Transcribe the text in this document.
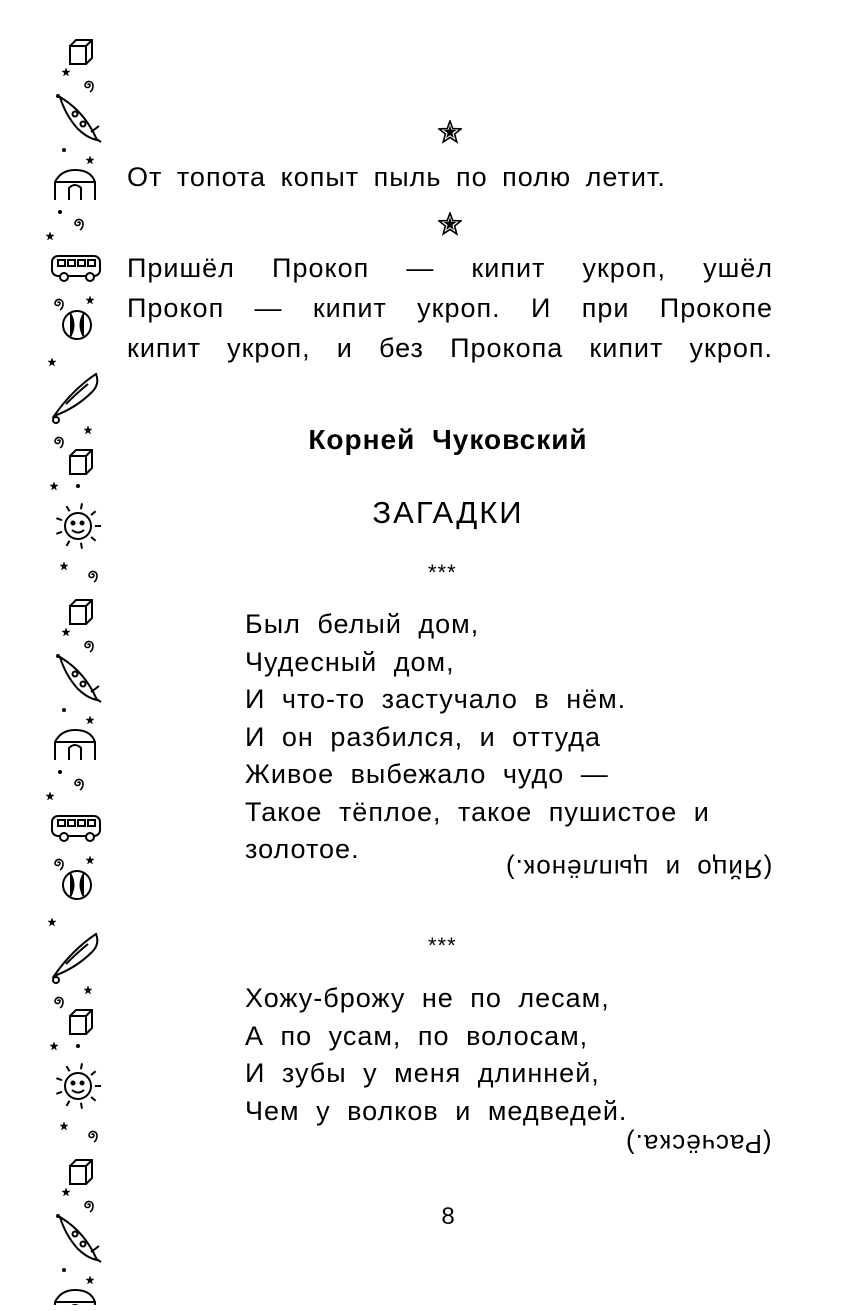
От топота копыт пыль по полю летит.

Пришёл Прокоп — кипит укроп, ушёл
Прокоп — кипит укроп. И при Прокопе
кипит укроп, и без Прокопа кипит укроп.
Корней Чуковский
ЗАГАДКИ
***
Был белый дом,
Чудесный дом,
И что-то застучало в нём.
И он разбился, и оттуда
Живое выбежало чудо —
Такое тёплое, такое пушистое и
золотое.
(Яйцо и цыплёнок.)
***
Хожу-брожу не по лесам,
А по усам, по волосам,
И зубы у меня длинней,
Чем у волков и медведей.
(Расчёска.)
8
